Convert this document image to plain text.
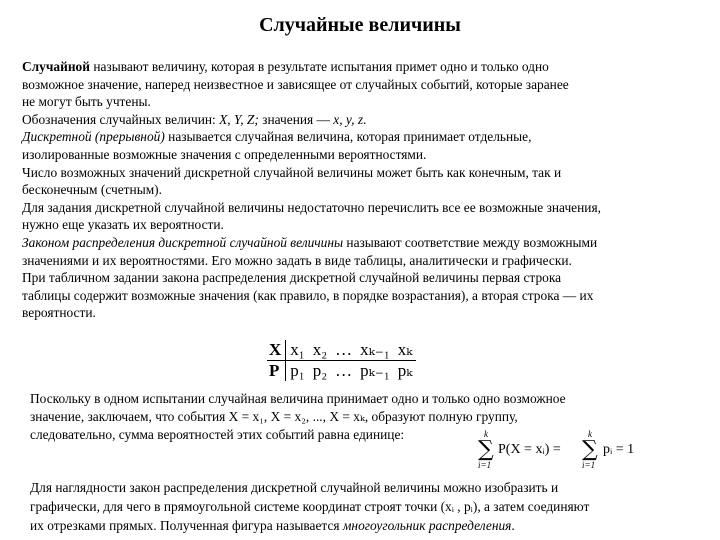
Случайные величины

Случайной называют величину, которая в результате испытания примет одно и только одно

возможное значение, наперед неизвестное и зависящее от случайных событий, которые заранее

не могут быть учтены.

Обозначения случайных величин: X, Y, Z; значения — x, y, z.

Дискретной (прерывной) называется случайная величина, которая принимает отдельные,

изолированные возможные значения с определенными вероятностями.

Число возможных значений дискретной случайной величины может быть как конечным, так и

бесконечным (счетным).

Для задания дискретной случайной величины недостаточно перечислить все ее возможные значения,

нужно еще указать их вероятности.

Законом распределения дискретной случайной величины называют соответствие между возможными

значениями и их вероятностями. Его можно задать в виде таблицы, аналитически и графически.

При табличном задании закона распределения дискретной случайной величины первая строка

таблицы содержит возможные значения (как правило, в порядке возрастания), а вторая строка — их

вероятности.

X	x₁	x₂	…	xₖ₋₁	xₖ
P	p₁	p₂	…	pₖ₋₁	pₖ
Поскольку в одном испытании случайная величина принимает одно и только одно возможное
значение, заключаем, что события X = x₁, X = x₂, ..., X = xₖ, образуют полную группу,
следовательно, сумма вероятностей этих событий равна единице:	k
∑
i=1
P(X = xᵢ) =
k
∑
i=1
pᵢ = 1
Для наглядности закон распределения дискретной случайной величины можно изобразить и
графически, для чего в прямоугольной системе координат строят точки (xᵢ , pᵢ), а затем соединяют
их отрезками прямых. Полученная фигура называется многоугольник распределения.
